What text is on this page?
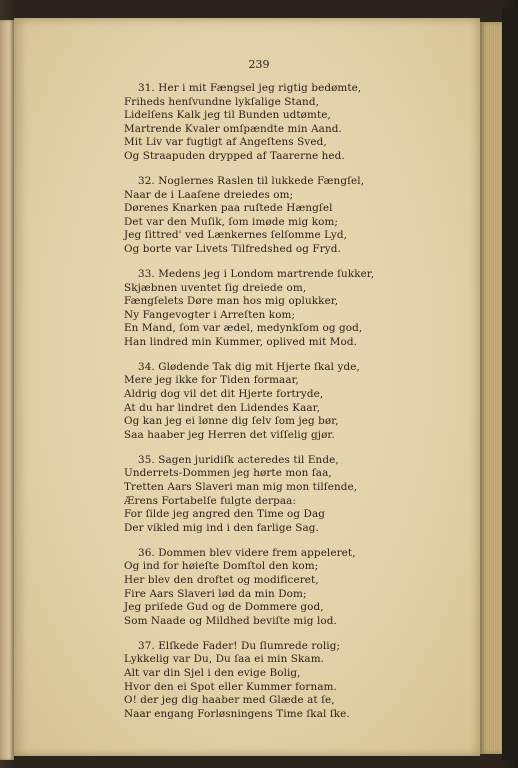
239
31. Her i mit Fængsel jeg rigtig bedømte,
Friheds henſvundne lykſalige Stand,
Lidelſens Kalk jeg til Bunden udtømte,
Martrende Kvaler omſpændte min Aand.
Mit Liv var fugtigt af Angeſtens Sved,
Og Straapuden drypped af Taarerne hed.
32. Noglernes Raslen til lukkede Fængſel,
Naar de i Laaſene dreiedes om;
Dørenes Knarken paa ruſtede Hængſel
Det var den Muſik, ſom imøde mig kom;
Jeg ſittred' ved Lænkernes ſelſomme Lyd,
Og borte var Livets Tilfredshed og Fryd.
33. Medens jeg i Londom martrende ſukker,
Skjæbnen uventet ſig dreiede om,
Fængſelets Døre man hos mig oplukker,
Ny Fangevogter i Arreſten kom;
En Mand, ſom var ædel, medynkſom og god,
Han lindred min Kummer, oplived mit Mod.
34. Glødende Tak dig mit Hjerte ſkal yde,
Mere jeg ikke for Tiden formaar,
Aldrig dog vil det dit Hjerte fortryde,
At du har lindret den Lidendes Kaar,
Og kan jeg ei lønne dig ſelv ſom jeg bør,
Saa haaber jeg Herren det viſſelig gjør.
35. Sagen juridiſk acteredes til Ende,
Underrets-Dommen jeg hørte mon ſaa,
Tretten Aars Slaveri man mig mon tilſende,
Ærens Fortabelſe fulgte derpaa:
For ſilde jeg angred den Time og Dag
Der vikled mig ind i den farlige Sag.
36. Dommen blev videre frem appeleret,
Og ind for høieſte Domſtol den kom;
Her blev den droftet og modificeret,
Fire Aars Slaveri lød da min Dom;
Jeg priſede Gud og de Dommere god,
Som Naade og Mildhed beviſte mig lod.
37. Elſkede Fader! Du ſlumrede rolig;
Lykkelig var Du, Du ſaa ei min Skam.
Alt var din Sjel i den evige Bolig,
Hvor den ei Spot eller Kummer fornam.
O! der jeg dig haaber med Glæde at ſe,
Naar engang Forløsningens Time ſkal ſke.
